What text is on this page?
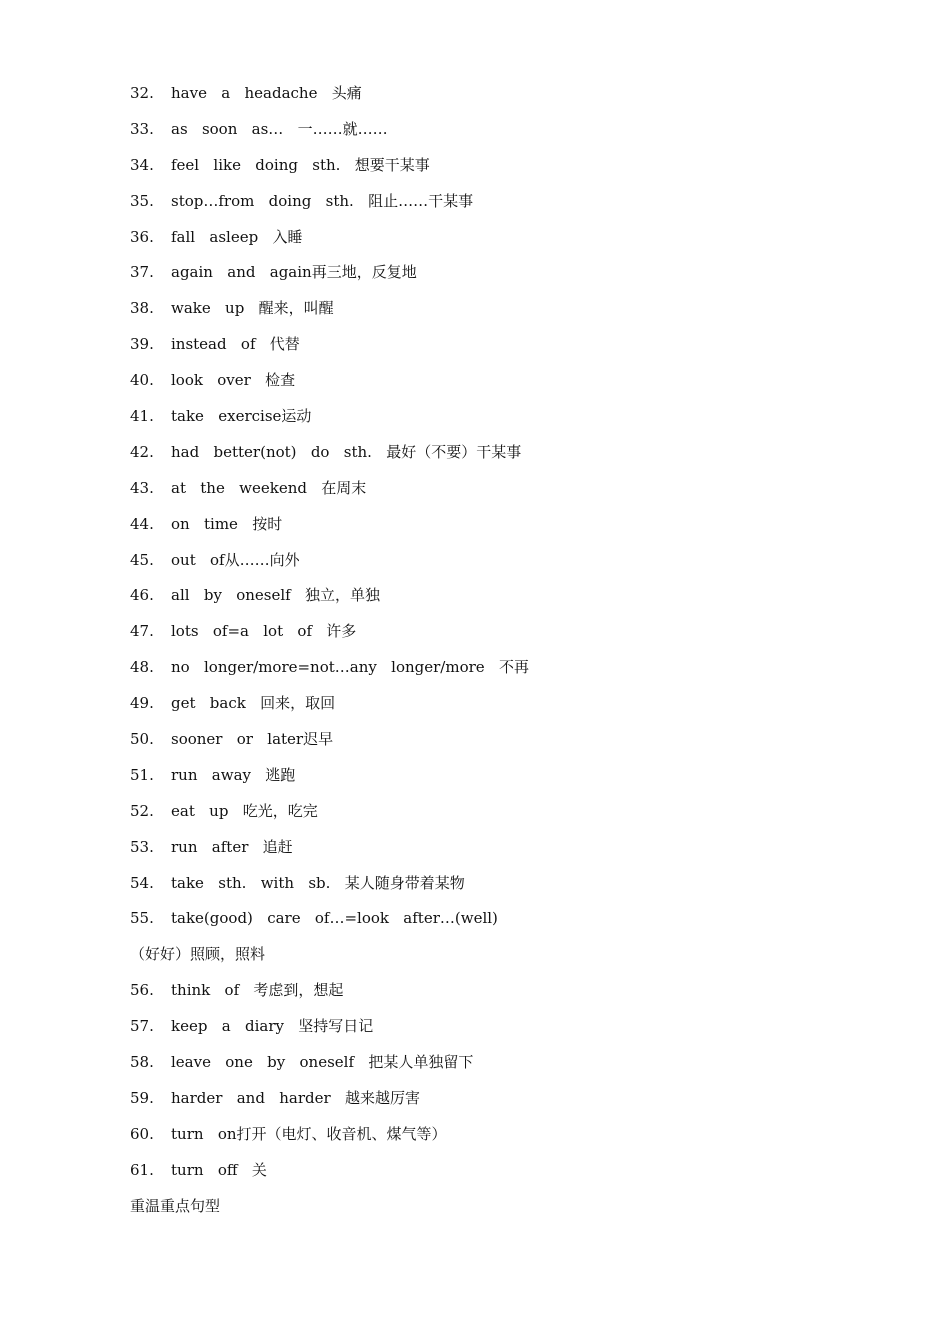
32. have   a   headache   头痛
33. as   soon   as…   一……就……
34. feel   like   doing   sth.   想要干某事
35. stop…from   doing   sth.   阻止……干某事
36. fall   asleep   入睡
37. again   and   again再三地，反复地
38. wake   up   醒来，叫醒
39. instead   of   代替
40. look   over   检查
41. take   exercise运动
42. had   better(not)   do   sth.   最好（不要）干某事
43. at   the   weekend   在周末
44. on   time   按时
45. out   of从……向外
46. all   by   oneself   独立，单独
47. lots   of=a   lot   of   许多
48. no   longer/more=not…any   longer/more   不再
49. get   back   回来，取回
50. sooner   or   later迟早
51. run   away   逃跑
52. eat   up   吃光，吃完
53. run   after   追赶
54. take   sth.   with   sb.   某人随身带着某物
55. take(good)   care   of…=look   after…(well)
（好好）照顾，照料
56. think   of   考虑到，想起
57. keep   a   diary   坚持写日记
58. leave   one   by   oneself   把某人单独留下
59. harder   and   harder   越来越厉害
60. turn   on打开（电灯、收音机、煤气等）
61. turn   off   关
重温重点句型
